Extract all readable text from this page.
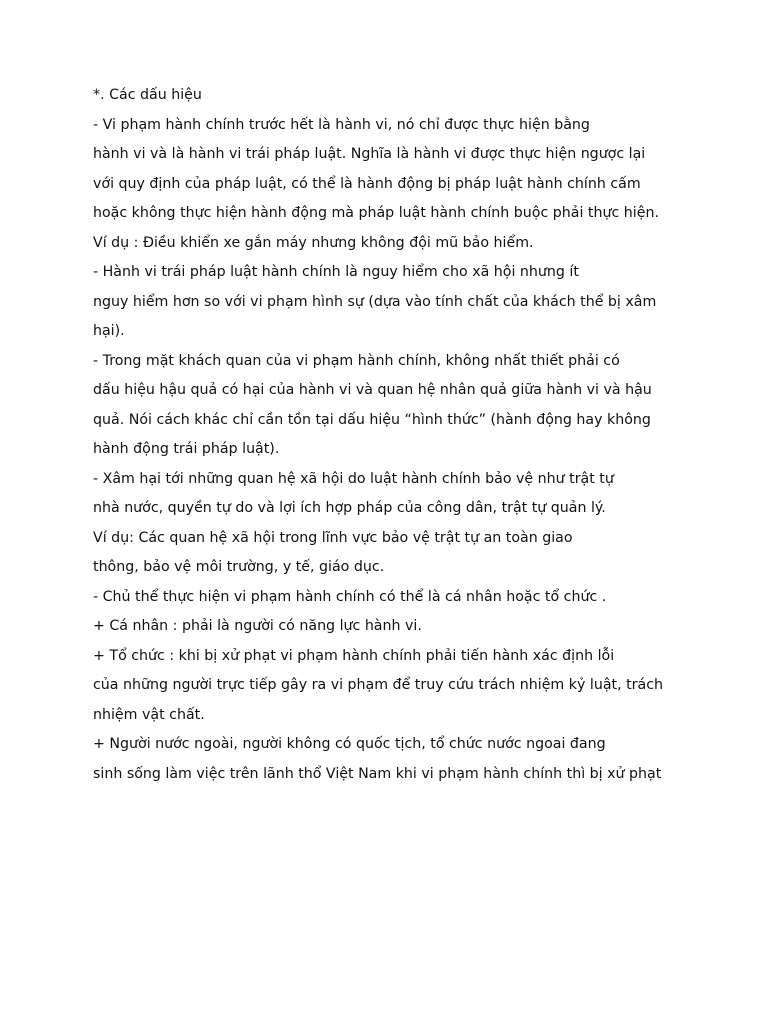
*. Các dấu hiệu

- Vi phạm hành chính trước hết là hành vi, nó chỉ được thực hiện bằng

hành vi và là hành vi trái pháp luật. Nghĩa là hành vi được thực hiện ngược lại

với quy định của pháp luật, có thể là hành động bị pháp luật hành chính cấm

hoặc không thực hiện hành động mà pháp luật hành chính buộc phải thực hiện.

Ví dụ : Điều khiển xe gắn máy nhưng không đội mũ bảo hiểm.

- Hành vi trái pháp luật hành chính là nguy hiểm cho xã hội nhưng ít

nguy hiểm hơn so với vi phạm hình sự (dựa vào tính chất của khách thể bị xâm

hại).

- Trong mặt khách quan của vi phạm hành chính, không nhất thiết phải có

dấu hiệu hậu quả có hại của hành vi và quan hệ nhân quả giữa hành vi và hậu

quả. Nói cách khác chỉ cần tồn tại dấu hiệu “hình thức” (hành động hay không

hành động trái pháp luật).

- Xâm hại tới những quan hệ xã hội do luật hành chính bảo vệ như trật tự

nhà nước, quyền tự do và lợi ích hợp pháp của công dân, trật tự quản lý.

Ví dụ: Các quan hệ xã hội trong lĩnh vực bảo vệ trật tự an toàn giao

thông, bảo vệ môi trường, y tế, giáo dục.

- Chủ thể thực hiện vi phạm hành chính có thể là cá nhân hoặc tổ chức .

+ Cá nhân : phải là người có năng lực hành vi.

+ Tổ chức : khi bị xử phạt vi phạm hành chính phải tiến hành xác định lỗi

của những người trực tiếp gây ra vi phạm để truy cứu trách nhiệm kỷ luật, trách

nhiệm vật chất.

+ Người nước ngoài, người không có quốc tịch, tổ chức nước ngoai đang

sinh sống làm việc trên lãnh thổ Việt Nam khi vi phạm hành chính thì bị xử phạt
